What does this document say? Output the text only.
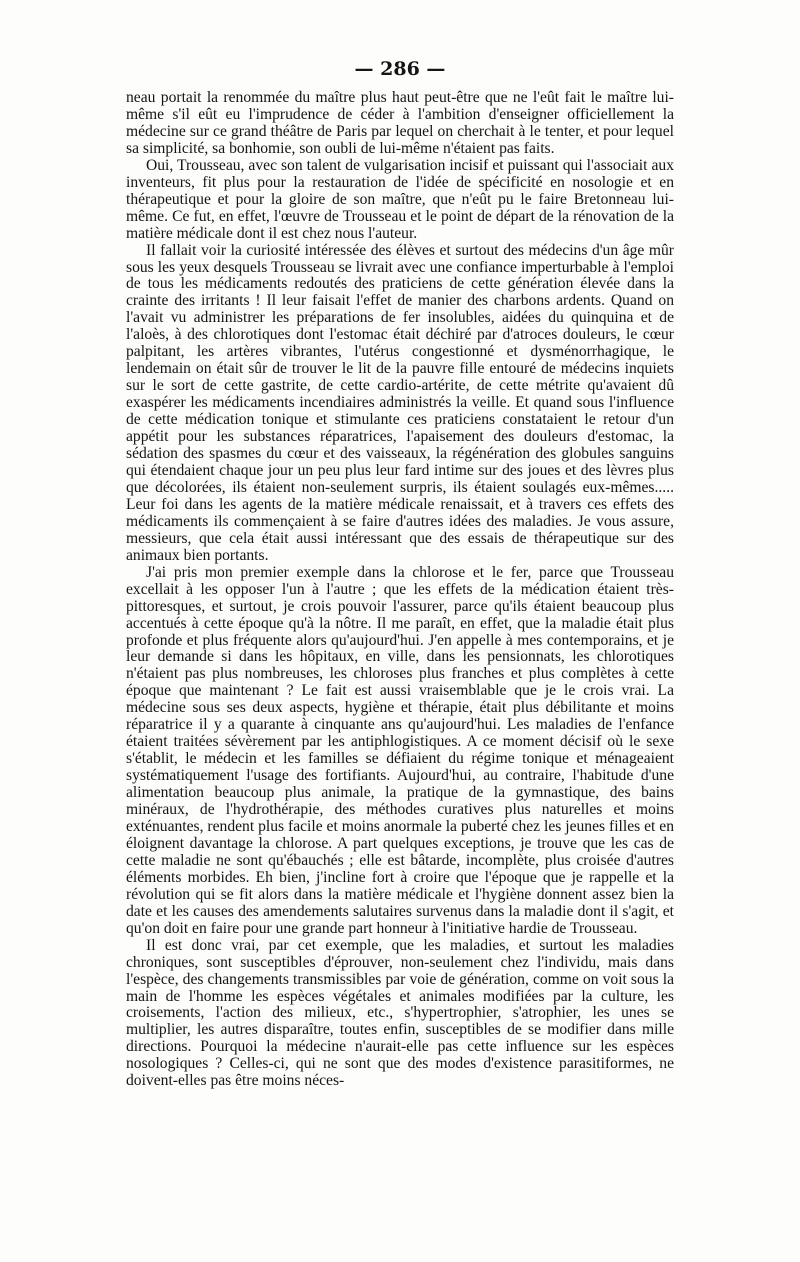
— 286 —

neau portait la renommée du maître plus haut peut-être que ne l'eût fait le maître lui-même s'il eût eu l'imprudence de céder à l'ambition d'enseigner officiellement la médecine sur ce grand théâtre de Paris par lequel on cherchait à le tenter, et pour lequel sa simplicité, sa bonhomie, son oubli de lui-même n'étaient pas faits.

Oui, Trousseau, avec son talent de vulgarisation incisif et puissant qui l'associait aux inventeurs, fit plus pour la restauration de l'idée de spécificité en nosologie et en thérapeutique et pour la gloire de son maître, que n'eût pu le faire Bretonneau lui-même. Ce fut, en effet, l'œuvre de Trousseau et le point de départ de la rénovation de la matière médicale dont il est chez nous l'auteur.

Il fallait voir la curiosité intéressée des élèves et surtout des médecins d'un âge mûr sous les yeux desquels Trousseau se livrait avec une confiance imperturbable à l'emploi de tous les médicaments redoutés des praticiens de cette génération élevée dans la crainte des irritants ! Il leur faisait l'effet de manier des charbons ardents. Quand on l'avait vu administrer les préparations de fer insolubles, aidées du quinquina et de l'aloès, à des chlorotiques dont l'estomac était déchiré par d'atroces douleurs, le cœur palpitant, les artères vibrantes, l'utérus congestionné et dysménorrhagique, le lendemain on était sûr de trouver le lit de la pauvre fille entouré de médecins inquiets sur le sort de cette gastrite, de cette cardio-artérite, de cette métrite qu'avaient dû exaspérer les médicaments incendiaires administrés la veille. Et quand sous l'influence de cette médication tonique et stimulante ces praticiens constataient le retour d'un appétit pour les substances réparatrices, l'apaisement des douleurs d'estomac, la sédation des spasmes du cœur et des vaisseaux, la régénération des globules sanguins qui étendaient chaque jour un peu plus leur fard intime sur des joues et des lèvres plus que décolorées, ils étaient non-seulement surpris, ils étaient soulagés eux-mêmes..... Leur foi dans les agents de la matière médicale renaissait, et à travers ces effets des médicaments ils commençaient à se faire d'autres idées des maladies. Je vous assure, messieurs, que cela était aussi intéressant que des essais de thérapeutique sur des animaux bien portants.

J'ai pris mon premier exemple dans la chlorose et le fer, parce que Trousseau excellait à les opposer l'un à l'autre ; que les effets de la médication étaient très-pittoresques, et surtout, je crois pouvoir l'assurer, parce qu'ils étaient beaucoup plus accentués à cette époque qu'à la nôtre. Il me paraît, en effet, que la maladie était plus profonde et plus fréquente alors qu'aujourd'hui. J'en appelle à mes contemporains, et je leur demande si dans les hôpitaux, en ville, dans les pensionnats, les chlorotiques n'étaient pas plus nombreuses, les chloroses plus franches et plus complètes à cette époque que maintenant ? Le fait est aussi vraisemblable que je le crois vrai. La médecine sous ses deux aspects, hygiène et thérapie, était plus débilitante et moins réparatrice il y a quarante à cinquante ans qu'aujourd'hui. Les maladies de l'enfance étaient traitées sévèrement par les antiphlogistiques. A ce moment décisif où le sexe s'établit, le médecin et les familles se défiaient du régime tonique et ménageaient systématiquement l'usage des fortifiants. Aujourd'hui, au contraire, l'habitude d'une alimentation beaucoup plus animale, la pratique de la gymnastique, des bains minéraux, de l'hydrothérapie, des méthodes curatives plus naturelles et moins exténuantes, rendent plus facile et moins anormale la puberté chez les jeunes filles et en éloignent davantage la chlorose. A part quelques exceptions, je trouve que les cas de cette maladie ne sont qu'ébauchés ; elle est bâtarde, incomplète, plus croisée d'autres éléments morbides. Eh bien, j'incline fort à croire que l'époque que je rappelle et la révolution qui se fit alors dans la matière médicale et l'hygiène donnent assez bien la date et les causes des amendements salutaires survenus dans la maladie dont il s'agit, et qu'on doit en faire pour une grande part honneur à l'initiative hardie de Trousseau.

Il est donc vrai, par cet exemple, que les maladies, et surtout les maladies chroniques, sont susceptibles d'éprouver, non-seulement chez l'individu, mais dans l'espèce, des changements transmissibles par voie de génération, comme on voit sous la main de l'homme les espèces végétales et animales modifiées par la culture, les croisements, l'action des milieux, etc., s'hypertrophier, s'atrophier, les unes se multiplier, les autres disparaître, toutes enfin, susceptibles de se modifier dans mille directions. Pourquoi la médecine n'aurait-elle pas cette influence sur les espèces nosologiques ? Celles-ci, qui ne sont que des modes d'existence parasitiformes, ne doivent-elles pas être moins néces-
